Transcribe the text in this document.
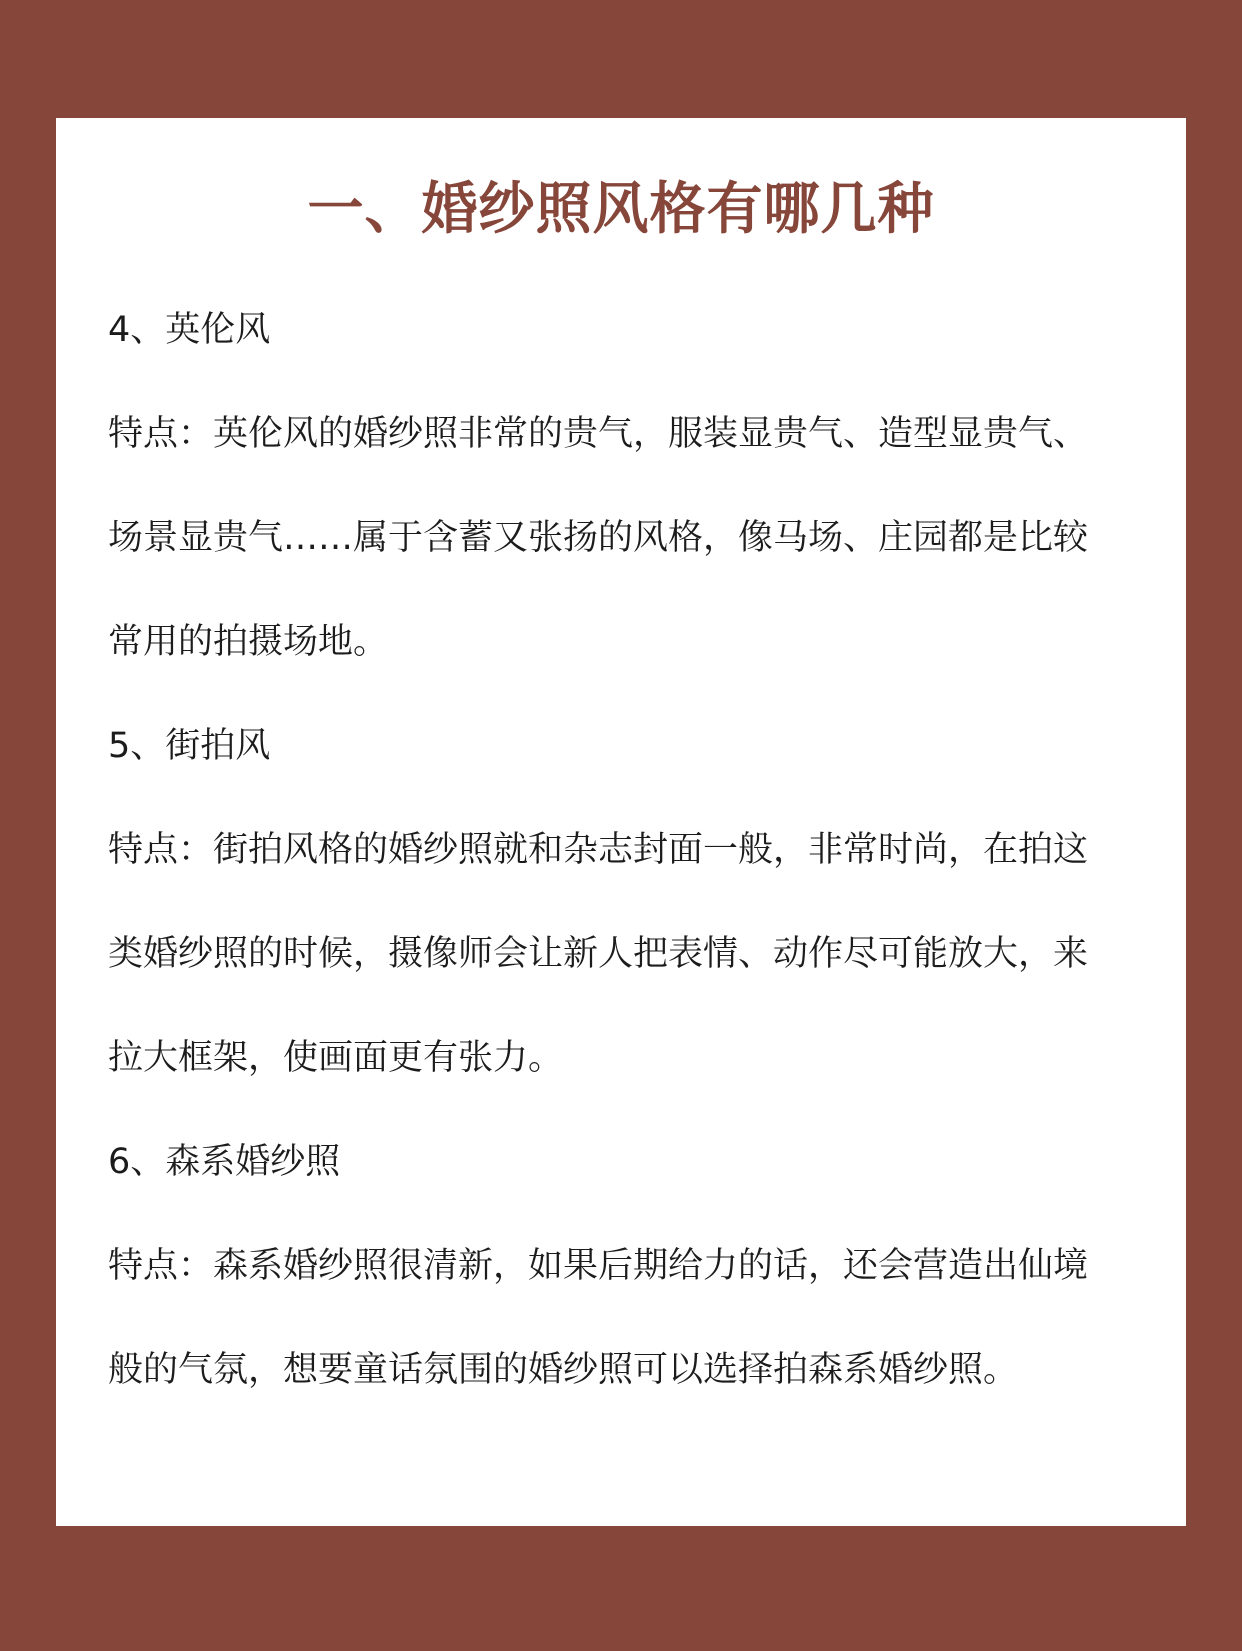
一、婚纱照风格有哪几种
4、英伦风
特点：英伦风的婚纱照非常的贵气，服装显贵气、造型显贵气、
场景显贵气……属于含蓄又张扬的风格，像马场、庄园都是比较
常用的拍摄场地。
5、街拍风
特点：街拍风格的婚纱照就和杂志封面一般，非常时尚，在拍这
类婚纱照的时候，摄像师会让新人把表情、动作尽可能放大，来
拉大框架，使画面更有张力。
6、森系婚纱照
特点：森系婚纱照很清新，如果后期给力的话，还会营造出仙境
般的气氛，想要童话氛围的婚纱照可以选择拍森系婚纱照。
